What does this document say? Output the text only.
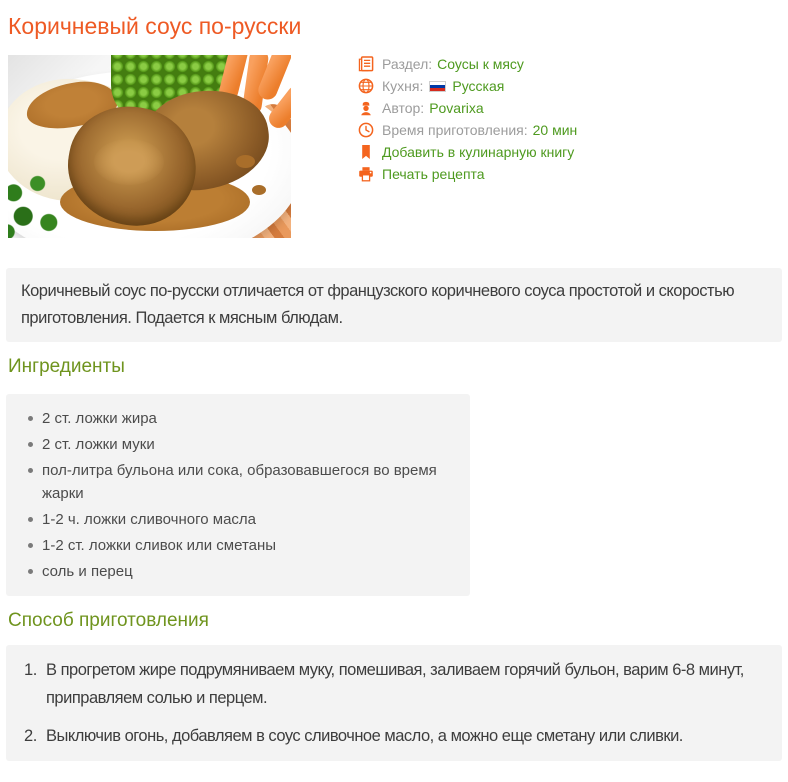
Коричневый соус по-русски
Раздел: Соусы к мясу
Кухня: Русская
Автор: Povarixa
Время приготовления: 20 мин
Добавить в кулинарную книгу
Печать рецепта

Коричневый соус по-русски отличается от французского коричневого соуса простотой и скоростью приготовления. Подается к мясным блюдам.

Ингредиенты
2 ст. ложки жира
2 ст. ложки муки
пол-литра бульона или сока, образовавшегося во время жарки
1-2 ч. ложки сливочного масла
1-2 ст. ложки сливок или сметаны
соль и перец
Способ приготовления
В прогретом жире подрумяниваем муку, помешивая, заливаем горячий бульон, варим 6-8 минут, приправляем солью и перцем.
Выключив огонь, добавляем в соус сливочное масло, а можно еще сметану или сливки.
